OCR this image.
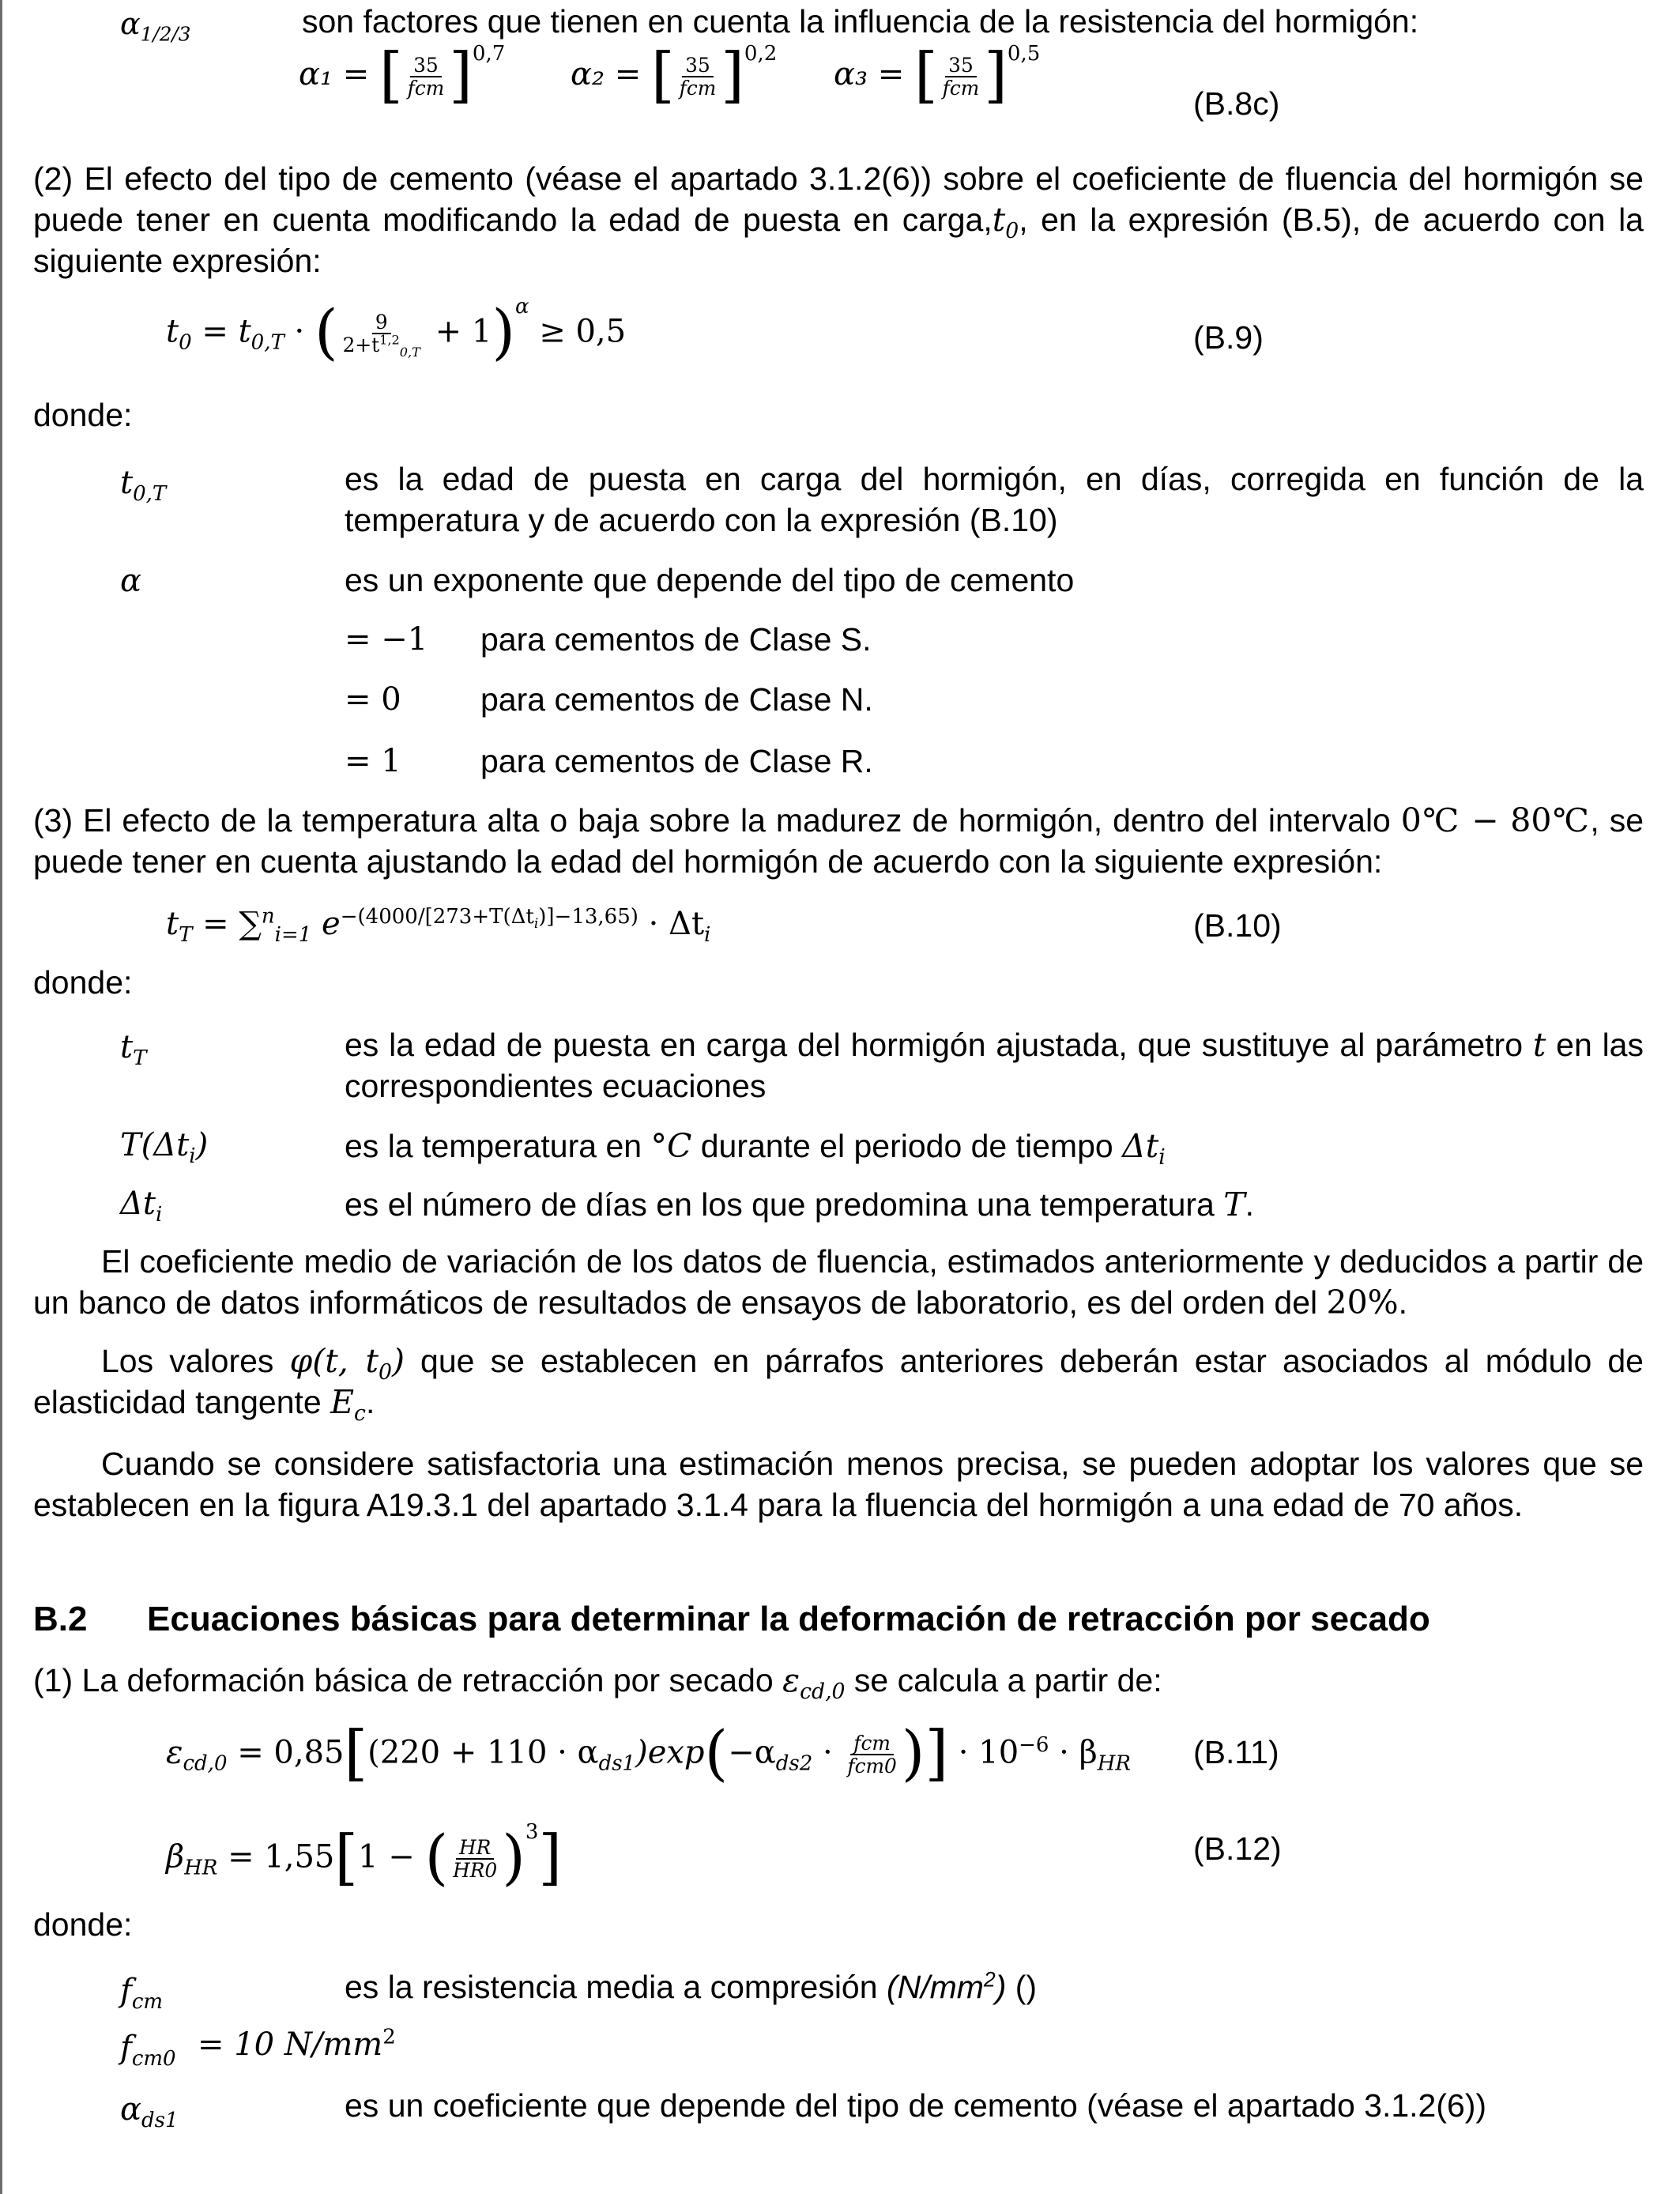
$\alpha_{1/2/3}$	son factores que tienen en cuenta la influencia de la resistencia del hormigón:
α₁ = [ $\frac{35}{\text{fcm}} ]^{0,7}$
α₂ = [ $\frac{35}{\text{fcm}} ]^{0,2}$
α₃ = [ $\frac{35}{\text{fcm}} ]^{0,5}$
(B.8c)
(2) El efecto del tipo de cemento (véase el apartado 3.1.2(6)) sobre el coeficiente de fluencia del hormigón se puede tener en cuenta modificando la edad de puesta en $carga,t_0$, en la expresión (B.5), de acuerdo con la siguiente expresión:
$t_0 = t_{0,T}$ · ( $\frac{9}{2+t^{1,2}_{0,T}} + 1)^\alpha \ge 0,5$	(B.9)
donde:
$t_{0,T}$	es la edad de puesta en carga del hormigón, en días, corregida en función de la temperatura y de acuerdo con la expresión (B.10)
α	es un exponente que depende del tipo de cemento
= −1 para cementos de Clase S.
= 0 para cementos de Clase N.
= 1 para cementos de Clase R.
(3) El efecto de la temperatura alta o baja sobre la madurez de hormigón, dentro del intervalo 0℃ − 80℃, se puede tener en cuenta ajustando la edad del hormigón de acuerdo con la siguiente expresión:
$t_T = \sum^n_{i=1}$ $e^{-(4000/[273+T(\Delta t_i)]-13,65)} \cdot \Delta t_i$	(B.10)
donde:
$t_T$	es la edad de puesta en carga del hormigón ajustada, que sustituye al parámetro t en las correspondientes ecuaciones
$T(\Delta t_i)$	es la temperatura en °C durante el periodo de tiempo $\Delta t_i$
$\Delta t_i$	es el número de días en los que predomina una temperatura T.
El coeficiente medio de variación de los datos de fluencia, estimados anteriormente y deducidos a partir de un banco de datos informáticos de resultados de ensayos de laboratorio, es del orden del 20%.
Los valores φ(t, $t_0$) que se establecen en párrafos anteriores deberán estar asociados al módulo de elasticidad tangente $E_c$.
Cuando se considere satisfactoria una estimación menos precisa, se pueden adoptar los valores que se establecen en la figura A19.3.1 del apartado 3.1.4 para la fluencia del hormigón a una edad de 70 años.
B.2 Ecuaciones básicas para determinar la deformación de retracción por secado
(1) La deformación básica de retracción por secado $\varepsilon_{cd,0}$ se calcula a partir de:
$\varepsilon_{cd,0} = 0,85[(220 + 110 \cdot \alpha_{ds1})\exp(-\alpha_{ds2} \cdot \frac{\text{fcm}}{\text{fcm0}}$ )] · $10^{-6} \cdot \beta_{HR}$ (B.11)
$\beta_{HR} = 1,55[1$ − ( $\frac{HR}{HR0} )^3$]	(B.12)
donde:
$f_{cm}$	es la resistencia media a compresión $(N/mm^2)$ ()
$f_{cm0} = 10$ $N/mm^2$
$\alpha_{ds1}$	es un coeficiente que depende del tipo de cemento (véase el apartado 3.1.2(6))
